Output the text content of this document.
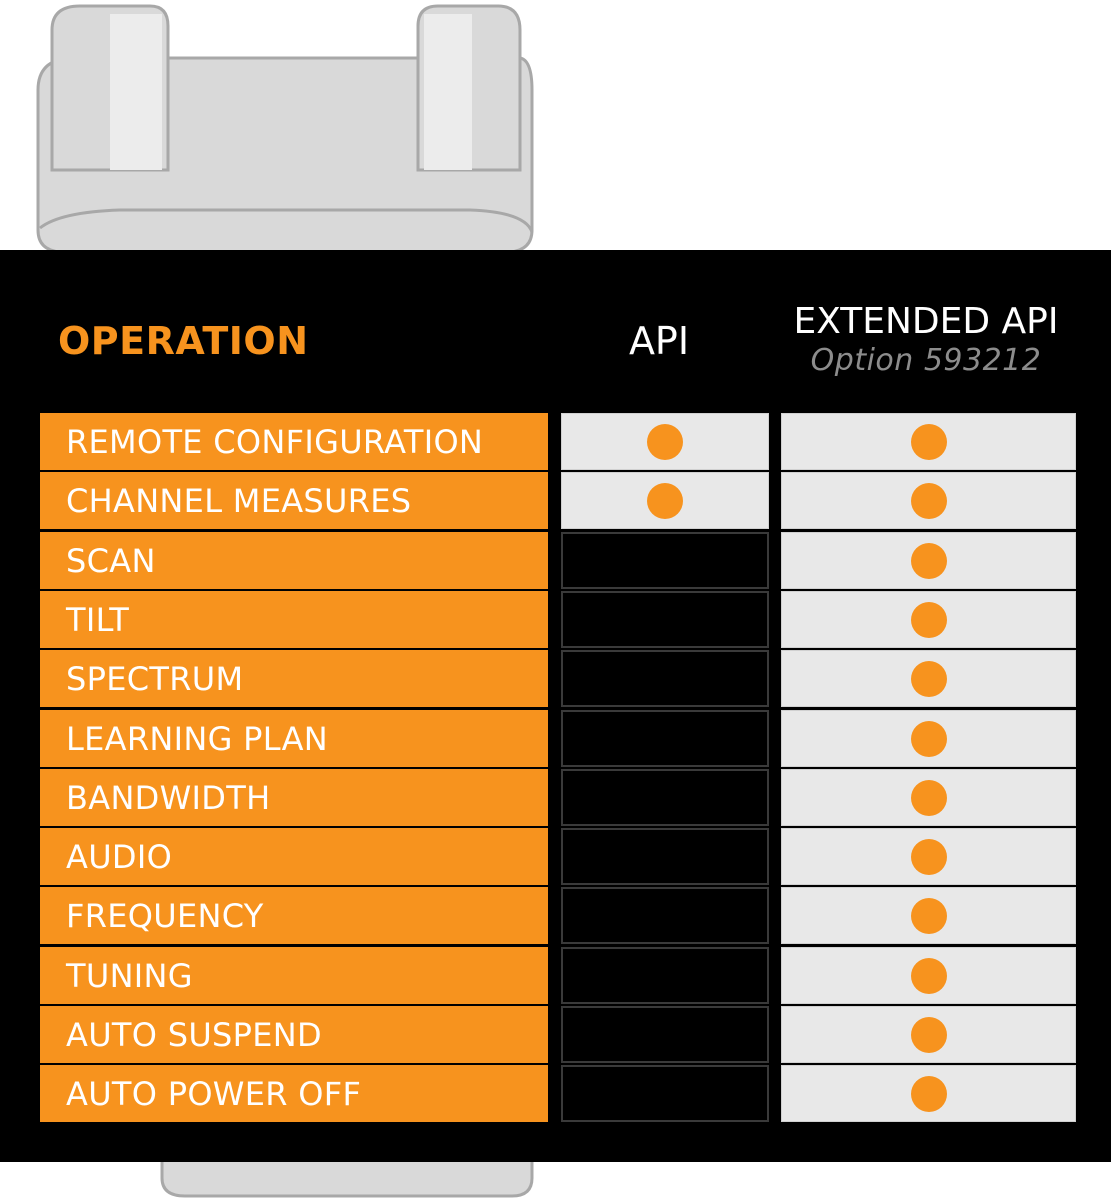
OPERATION	API	EXTENDED API
Option 593212
REMOTE CONFIGURATION
CHANNEL MEASURES
SCAN
TILT
SPECTRUM
LEARNING PLAN
BANDWIDTH
AUDIO
FREQUENCY
TUNING
AUTO SUSPEND
AUTO POWER OFF
